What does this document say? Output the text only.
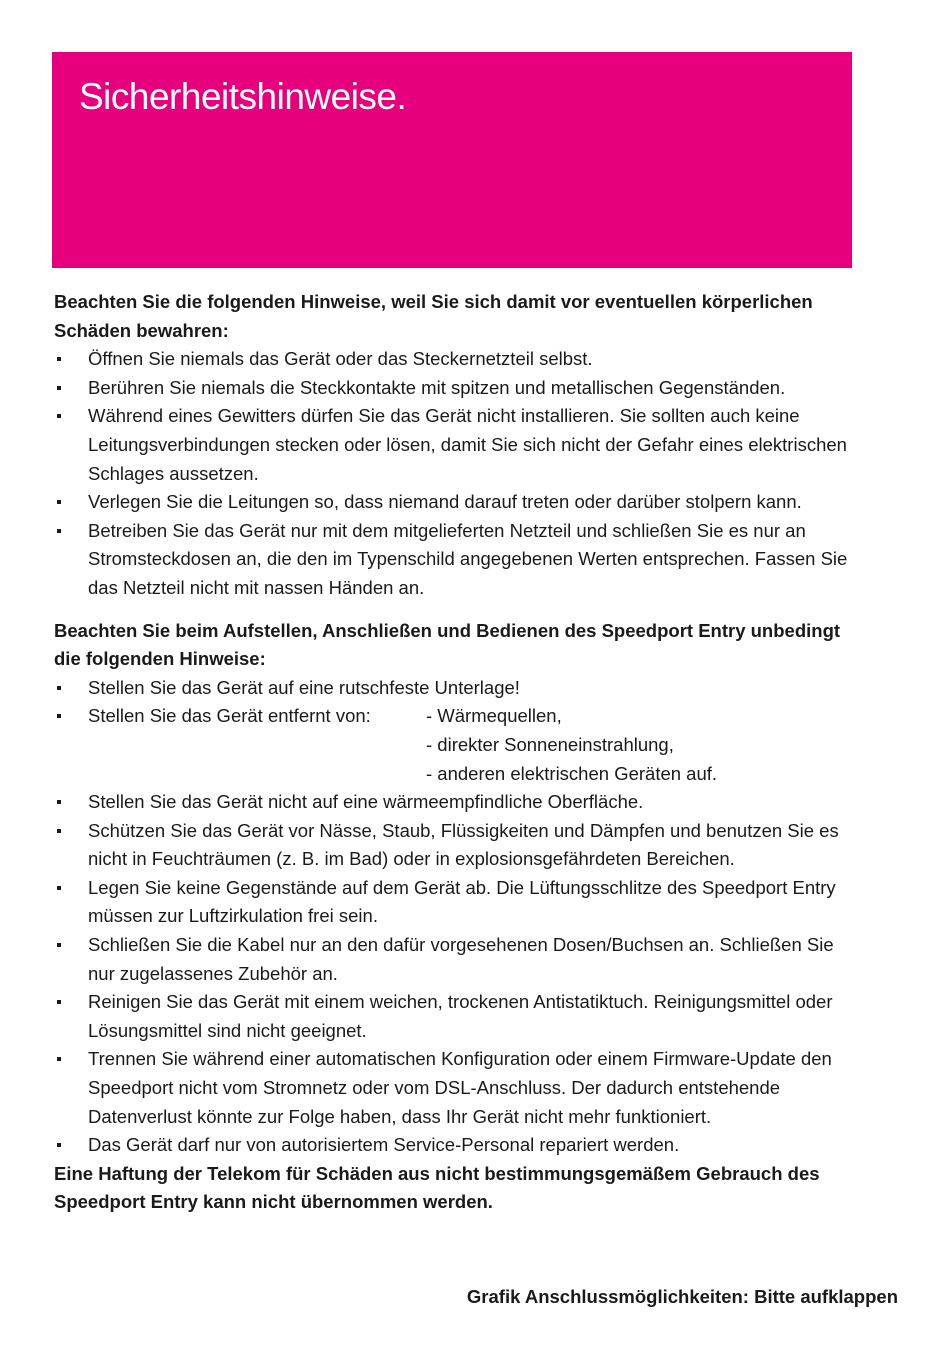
Sicherheitshinweise.

Beachten Sie die folgenden Hinweise, weil Sie sich damit vor eventuellen körperlichen Schäden bewahren:

Öffnen Sie niemals das Gerät oder das Steckernetzteil selbst.
Berühren Sie niemals die Steckkontakte mit spitzen und metallischen Gegenständen.
Während eines Gewitters dürfen Sie das Gerät nicht installieren. Sie sollten auch keine Leitungsverbindungen stecken oder lösen, damit Sie sich nicht der Gefahr eines elektrischen Schlages aussetzen.
Verlegen Sie die Leitungen so, dass niemand darauf treten oder darüber stolpern kann.
Betreiben Sie das Gerät nur mit dem mitgelieferten Netzteil und schließen Sie es nur an Stromsteckdosen an, die den im Typenschild angegebenen Werten entsprechen. Fassen Sie das Netzteil nicht mit nassen Händen an.

Beachten Sie beim Aufstellen, Anschließen und Bedienen des Speedport Entry unbedingt die folgenden Hinweise:

Stellen Sie das Gerät auf eine rutschfeste Unterlage!
Stellen Sie das Gerät entfernt von:	- Wärmequellen,
- direkter Sonneneinstrahlung,
- anderen elektrischen Geräten auf.
Stellen Sie das Gerät nicht auf eine wärmeempfindliche Oberfläche.
Schützen Sie das Gerät vor Nässe, Staub, Flüssigkeiten und Dämpfen und benutzen Sie es nicht in Feuchträumen (z. B. im Bad) oder in explosionsgefährdeten Bereichen.
Legen Sie keine Gegenstände auf dem Gerät ab. Die Lüftungsschlitze des Speedport Entry müssen zur Luftzirkulation frei sein.
Schließen Sie die Kabel nur an den dafür vorgesehenen Dosen/Buchsen an. Schließen Sie nur zugelassenes Zubehör an.
Reinigen Sie das Gerät mit einem weichen, trockenen Antistatiktuch. Reinigungsmittel oder Lösungsmittel sind nicht geeignet.
Trennen Sie während einer automatischen Konfiguration oder einem Firmware-Update den Speedport nicht vom Stromnetz oder vom DSL-Anschluss. Der dadurch entstehende Datenverlust könnte zur Folge haben, dass Ihr Gerät nicht mehr funktioniert.
Das Gerät darf nur von autorisiertem Service-Personal repariert werden.

Eine Haftung der Telekom für Schäden aus nicht bestimmungsgemäßem Gebrauch des Speedport Entry kann nicht übernommen werden.

Grafik Anschlussmöglichkeiten: Bitte aufklappen
